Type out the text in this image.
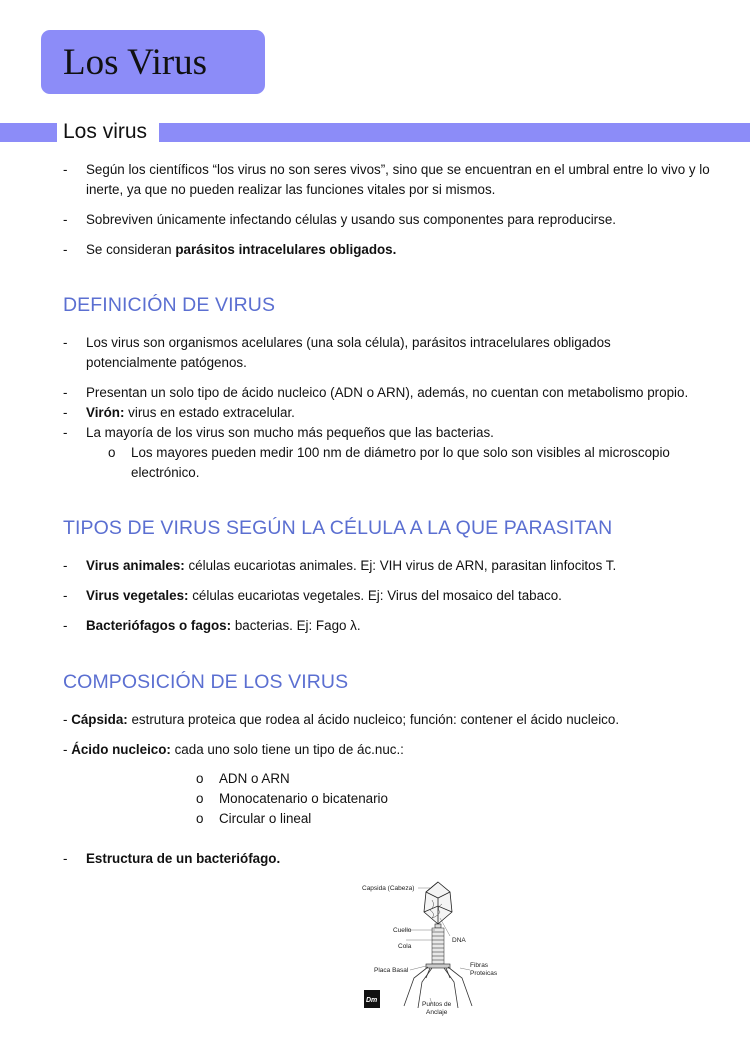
Los Virus
Los virus
- Según los científicos “los virus no son seres vivos”, sino que se encuentran en el umbral entre lo vivo y lo inerte, ya que no pueden realizar las funciones vitales por si mismos.
- Sobreviven únicamente infectando células y usando sus componentes para reproducirse.
- Se consideran parásitos intracelulares obligados.
DEFINICIÓN DE VIRUS
- Los virus son organismos acelulares (una sola célula), parásitos intracelulares obligados potencialmente patógenos.
- Presentan un solo tipo de ácido nucleico (ADN o ARN), además, no cuentan con metabolismo propio.
- Virón: virus en estado extracelular.
- La mayoría de los virus son mucho más pequeños que las bacterias.
o Los mayores pueden medir 100 nm de diámetro por lo que solo son visibles al microscopio electrónico.
TIPOS DE VIRUS SEGÚN LA CÉLULA A LA QUE PARASITAN
- Virus animales: células eucariotas animales. Ej: VIH virus de ARN, parasitan linfocitos T.
- Virus vegetales: células eucariotas vegetales. Ej: Virus del mosaico del tabaco.
- Bacteriófagos o fagos: bacterias. Ej: Fago λ.
COMPOSICIÓN DE LOS VIRUS
- Cápsida: estrutura proteica que rodea al ácido nucleico; función: contener el ácido nucleico.
- Ácido nucleico: cada uno solo tiene un tipo de ác.nuc.:
o ADN o ARN
o Monocatenario o bicatenario
o Circular o lineal
- Estructura de un bacteriófago.
Capsida (Cabeza)
Cuello
Cola
DNA
Placa Basal
Fibras
Proteicas
Puntos de
Anclaje
Dm
